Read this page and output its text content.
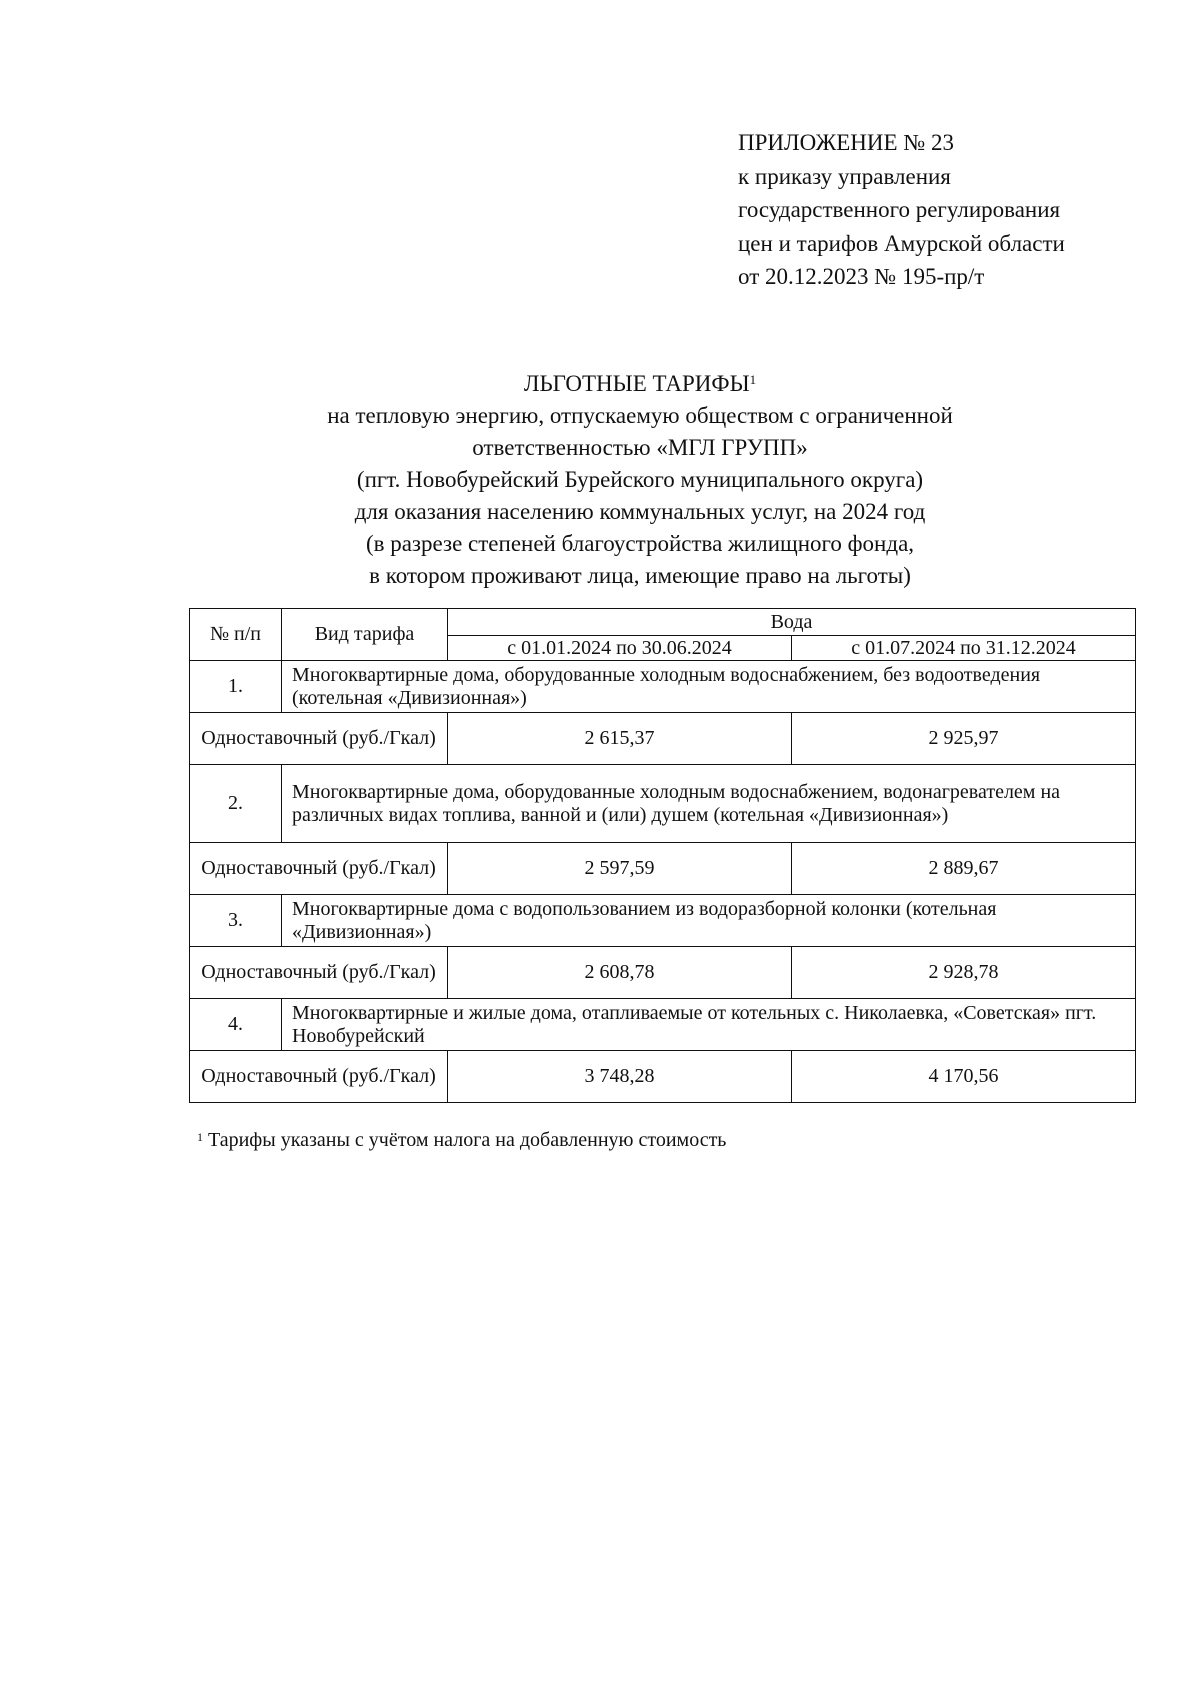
ПРИЛОЖЕНИЕ № 23
к приказу управления
государственного регулирования
цен и тарифов Амурской области
от 20.12.2023 № 195-пр/т
ЛЬГОТНЫЕ ТАРИФЫ$^1$
на тепловую энергию, отпускаемую обществом с ограниченной
ответственностью «МГЛ ГРУПП»
(пгт. Новобурейский Бурейского муниципального округа)
для оказания населению коммунальных услуг, на 2024 год
(в разрезе степеней благоустройства жилищного фонда,
в котором проживают лица, имеющие право на льготы)
№ п/п	Вид тарифа	Вода	
		с 01.01.2024 по 30.06.2024	с 01.07.2024 по 31.12.2024
1.	Многоквартирные дома, оборудованные холодным водоснабжением, без водоотведения (котельная «Дивизионная»)		
Одноставочный (руб./Гкал)		2 615,37	2 925,97
2.	Многоквартирные дома, оборудованные холодным водоснабжением, водонагревателем на различных видах топлива, ванной и (или) душем (котельная «Дивизионная»)		
Одноставочный (руб./Гкал)		2 597,59	2 889,67
3.	Многоквартирные дома с водопользованием из водоразборной колонки (котельная «Дивизионная»)		
Одноставочный (руб./Гкал)		2 608,78	2 928,78
4.	Многоквартирные и жилые дома, отапливаемые от котельных с. Николаевка, «Советская» пгт. Новобурейский		
Одноставочный (руб./Гкал)		3 748,28	4 170,56
$^1$ Тарифы указаны с учётом налога на добавленную стоимость
